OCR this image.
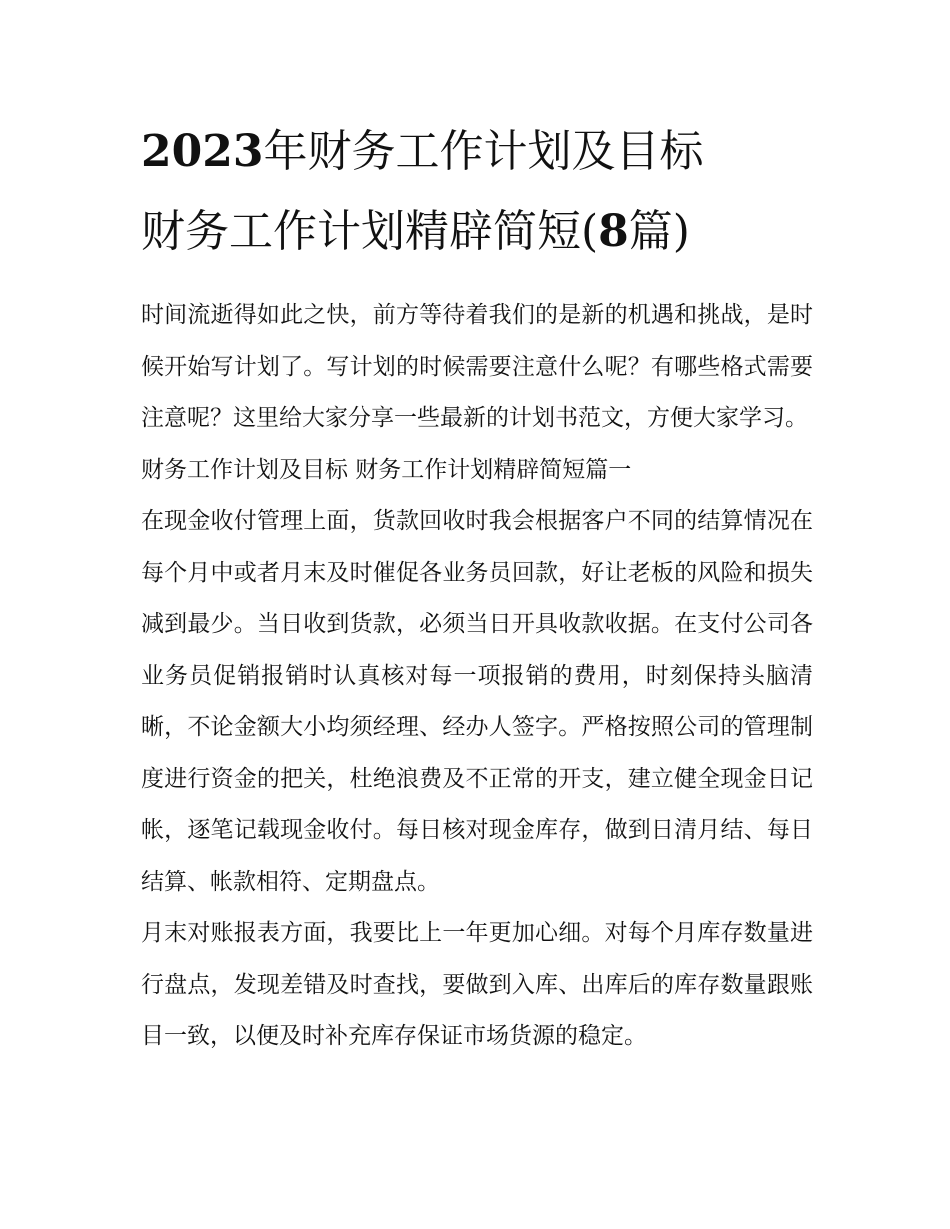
2023年财务工作计划及目标
财务工作计划精辟简短(8篇)

时间流逝得如此之快，前方等待着我们的是新的机遇和挑战，是时候开始写计划了。写计划的时候需要注意什么呢？有哪些格式需要注意呢？这里给大家分享一些最新的计划书范文，方便大家学习。

财务工作计划及目标 财务工作计划精辟简短篇一

在现金收付管理上面，货款回收时我会根据客户不同的结算情况在每个月中或者月末及时催促各业务员回款，好让老板的风险和损失减到最少。当日收到货款，必须当日开具收款收据。在支付公司各业务员促销报销时认真核对每一项报销的费用，时刻保持头脑清晰，不论金额大小均须经理、经办人签字。严格按照公司的管理制度进行资金的把关，杜绝浪费及不正常的开支，建立健全现金日记帐，逐笔记载现金收付。每日核对现金库存，做到日清月结、每日结算、帐款相符、定期盘点。

月末对账报表方面，我要比上一年更加心细。对每个月库存数量进行盘点，发现差错及时查找，要做到入库、出库后的库存数量跟账目一致，以便及时补充库存保证市场货源的稳定。
